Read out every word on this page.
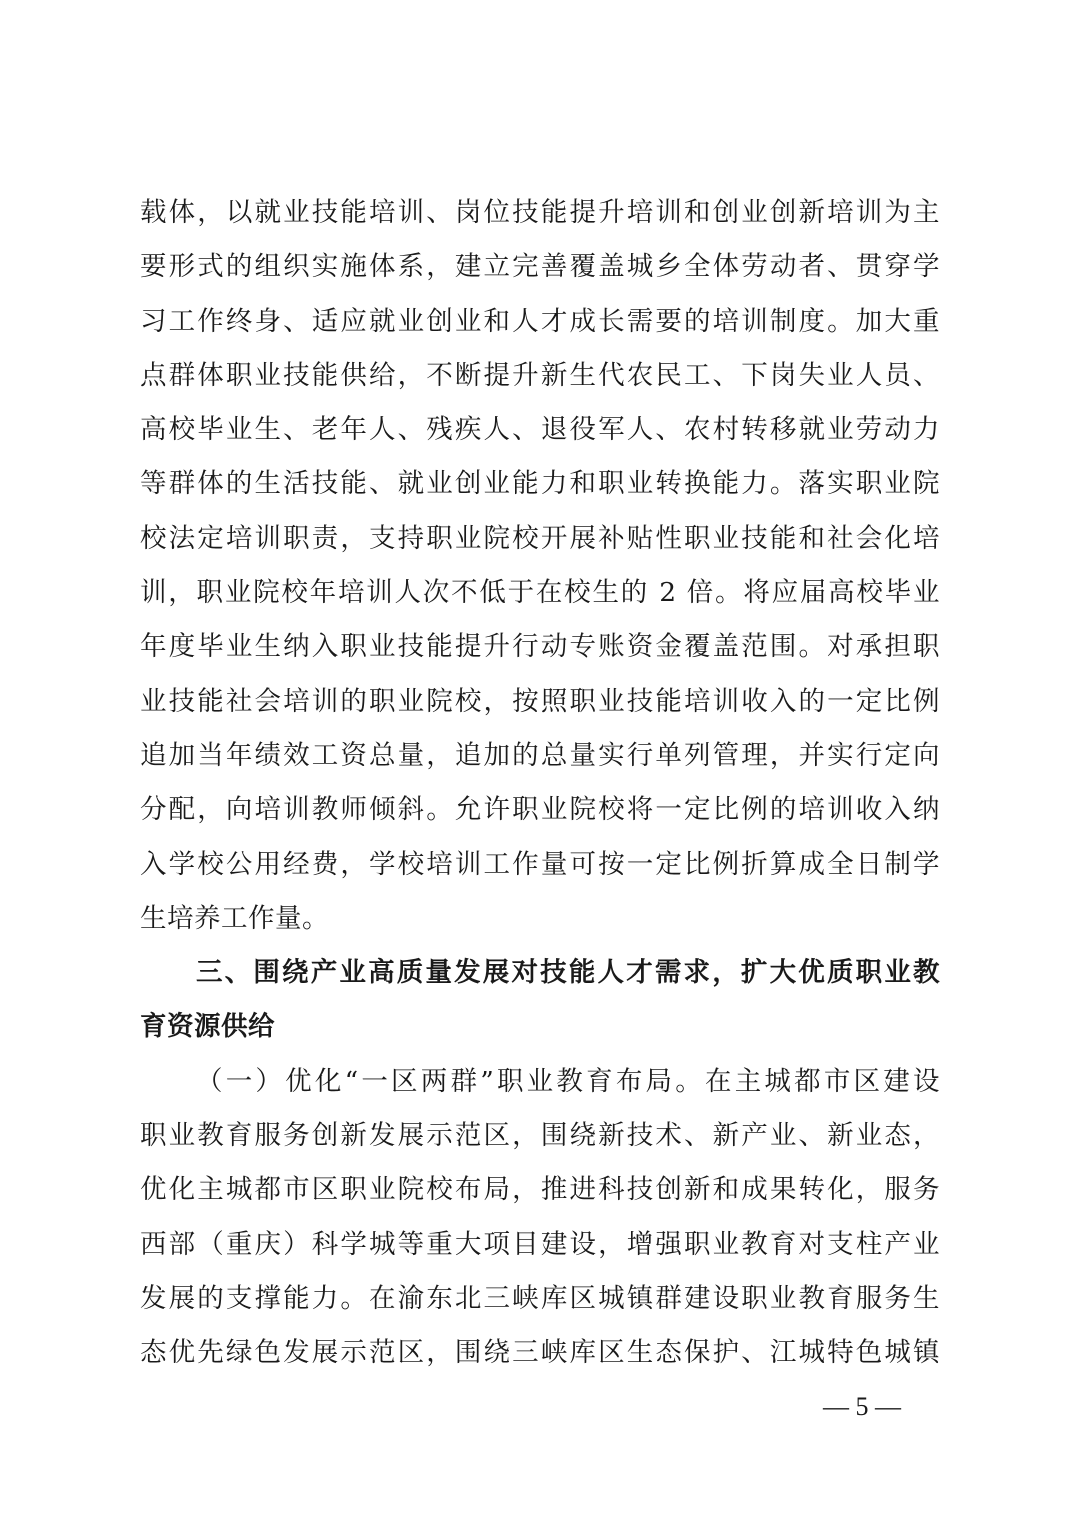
载体，以就业技能培训、岗位技能提升培训和创业创新培训为主
要形式的组织实施体系，建立完善覆盖城乡全体劳动者、贯穿学
习工作终身、适应就业创业和人才成长需要的培训制度。加大重
点群体职业技能供给，不断提升新生代农民工、下岗失业人员、
高校毕业生、老年人、残疾人、退役军人、农村转移就业劳动力
等群体的生活技能、就业创业能力和职业转换能力。落实职业院
校法定培训职责，支持职业院校开展补贴性职业技能和社会化培
训，职业院校年培训人次不低于在校生的 2 倍。将应届高校毕业
年度毕业生纳入职业技能提升行动专账资金覆盖范围。对承担职
业技能社会培训的职业院校，按照职业技能培训收入的一定比例
追加当年绩效工资总量，追加的总量实行单列管理，并实行定向
分配，向培训教师倾斜。允许职业院校将一定比例的培训收入纳
入学校公用经费，学校培训工作量可按一定比例折算成全日制学
生培养工作量。
三、围绕产业高质量发展对技能人才需求，扩大优质职业教
育资源供给
（一）优化“一区两群”职业教育布局。在主城都市区建设
职业教育服务创新发展示范区，围绕新技术、新产业、新业态，
优化主城都市区职业院校布局，推进科技创新和成果转化，服务
西部（重庆）科学城等重大项目建设，增强职业教育对支柱产业
发展的支撑能力。在渝东北三峡库区城镇群建设职业教育服务生
态优先绿色发展示范区，围绕三峡库区生态保护、江城特色城镇
— 5 —
